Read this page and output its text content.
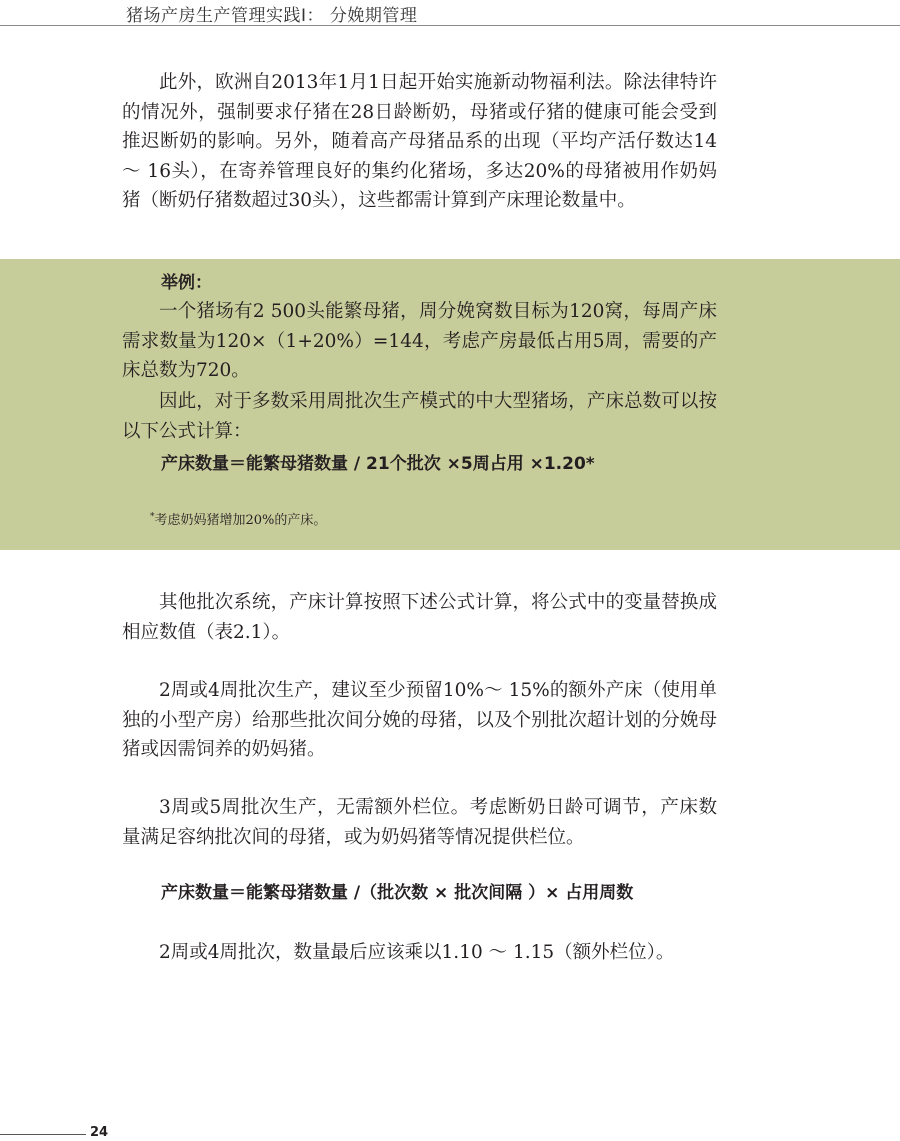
猪场产房生产管理实践Ⅰ： 分娩期管理

此外，欧洲自2013年1月1日起开始实施新动物福利法。除法律特许的情况外，强制要求仔猪在28日龄断奶，母猪或仔猪的健康可能会受到推迟断奶的影响。另外，随着高产母猪品系的出现（平均产活仔数达14 ～ 16头），在寄养管理良好的集约化猪场，多达20%的母猪被用作奶妈猪（断奶仔猪数超过30头），这些都需计算到产床理论数量中。

举例：

一个猪场有2 500头能繁母猪，周分娩窝数目标为120窝，每周产床需求数量为120×（1+20%）=144，考虑产房最低占用5周，需要的产床总数为720。

因此，对于多数采用周批次生产模式的中大型猪场，产床总数可以按以下公式计算：

产床数量＝能繁母猪数量 / 21个批次 ×5周占用 ×1.20*

*考虑奶妈猪增加20%的产床。

其他批次系统，产床计算按照下述公式计算，将公式中的变量替换成相应数值（表2.1）。

2周或4周批次生产，建议至少预留10%～ 15%的额外产床（使用单独的小型产房）给那些批次间分娩的母猪，以及个别批次超计划的分娩母猪或因需饲养的奶妈猪。

3周或5周批次生产，无需额外栏位。考虑断奶日龄可调节，产床数量满足容纳批次间的母猪，或为奶妈猪等情况提供栏位。

产床数量＝能繁母猪数量 /（批次数 × 批次间隔 ）× 占用周数

2周或4周批次，数量最后应该乘以1.10 ～ 1.15（额外栏位）。

24
